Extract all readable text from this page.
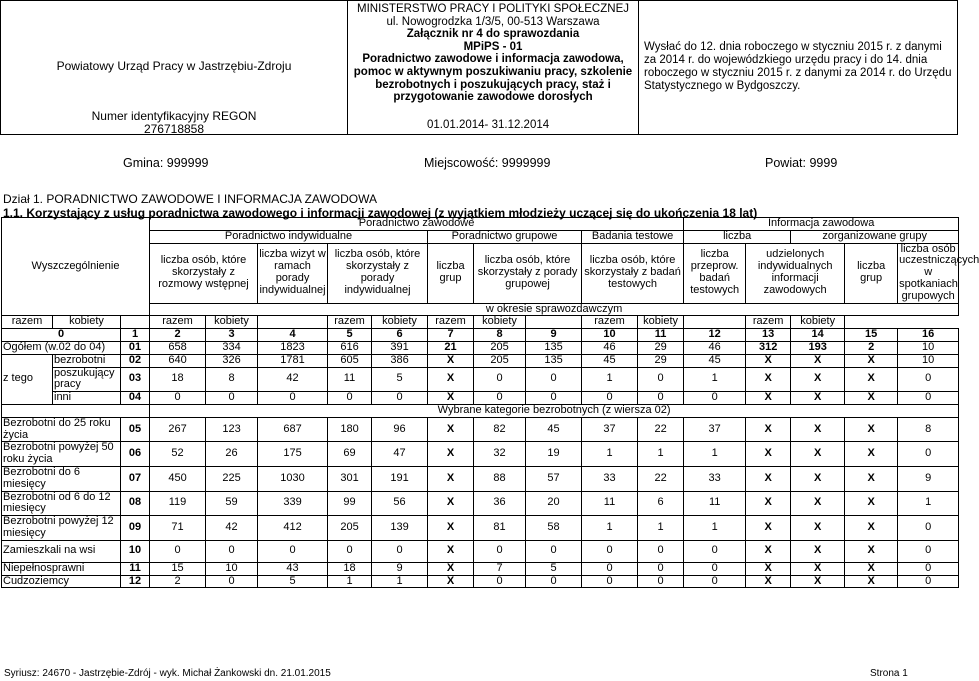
Powiatowy Urząd Pracy w Jastrzębiu-Zdroju
Numer identyfikacyjny REGON
276718858
MINISTERSTWO PRACY I POLITYKI SPOŁECZNEJ
ul. Nowogrodzka 1/3/5, 00-513 Warszawa
Załącznik nr 4 do sprawozdania
MPiPS - 01
Poradnictwo zawodowe i informacja zawodowa, pomoc w aktywnym poszukiwaniu pracy, szkolenie bezrobotnych i poszukujących pracy, staż i przygotowanie zawodowe dorosłych
01.01.2014- 31.12.2014
Wysłać do 12. dnia roboczego w styczniu 2015 r. z danymi za 2014 r. do wojewódzkiego urzędu pracy i do 14. dnia roboczego w styczniu 2015 r. z danymi za 2014 r. do Urzędu Statystycznego w Bydgoszczy.
Gmina: 999999	Miejscowość: 9999999	Powiat: 9999
Dział 1. PORADNICTWO ZAWODOWE I INFORMACJA ZAWODOWA
1.1. Korzystający z usług poradnictwa zawodowego i informacji zawodowej (z wyjątkiem młodzieży uczącej się do ukończenia 18 lat)
Wyszczególnienie			Poradnictwo zawodowe										Informacja zawodowa					
			Poradnictwo indywidualne					Poradnictwo grupowe			Badania testowe		liczba		zorganizowane grupy			
			liczba osób, które skorzystały z rozmowy wstępnej		liczba wizyt w ramach porady indywidualnej	liczba osób, które skorzystały z porady indywidualnej		liczba grup	liczba osób, które skorzystały z porady grupowej		liczba osób, które skorzystały z badań testowych		liczba przeprow. badań testowych	udzielonych indywidualnych informacji zawodowych		liczba grup	liczba osób uczestniczących w spotkaniach grupowych	
			w okresie sprawozdawczym															
razem	kobiety		razem	kobiety		razem	kobiety	razem	kobiety		razem	kobiety		razem	kobiety			
0		1	2	3	4	5	6	7	8	9	10	11	12	13	14	15	16	
Ogółem (w.02 do 04)		01	658	334	1823	616	391	21	205	135	46	29	46	312	193	2	10	
z tego	bezrobotni	02	640	326	1781	605	386	X	205	135	45	29	45	X	X	X	10	
	poszukujący pracy	03	18	8	42	11	5	X	0	0	1	0	1	X	X	X	0	
	inni	04	0	0	0	0	0	X	0	0	0	0	0	X	X	X	0	
			Wybrane kategorie bezrobotnych (z wiersza 02)															
Bezrobotni do 25 roku życia		05	267	123	687	180	96	X	82	45	37	22	37	X	X	X	8	
Bezrobotni powyżej 50 roku życia		06	52	26	175	69	47	X	32	19	1	1	1	X	X	X	0	
Bezrobotni do 6 miesięcy		07	450	225	1030	301	191	X	88	57	33	22	33	X	X	X	9	
Bezrobotni od 6 do 12 miesięcy		08	119	59	339	99	56	X	36	20	11	6	11	X	X	X	1	
Bezrobotni powyżej 12 miesięcy		09	71	42	412	205	139	X	81	58	1	1	1	X	X	X	0	
Zamieszkali na wsi		10	0	0	0	0	0	X	0	0	0	0	0	X	X	X	0	
Niepełnosprawni		11	15	10	43	18	9	X	7	5	0	0	0	X	X	X	0	
Cudzoziemcy		12	2	0	5	1	1	X	0	0	0	0	0	X	X	X	0	
Syriusz: 24670 - Jastrzębie-Zdrój - wyk. Michał Żankowski dn. 21.01.2015	Strona 1
